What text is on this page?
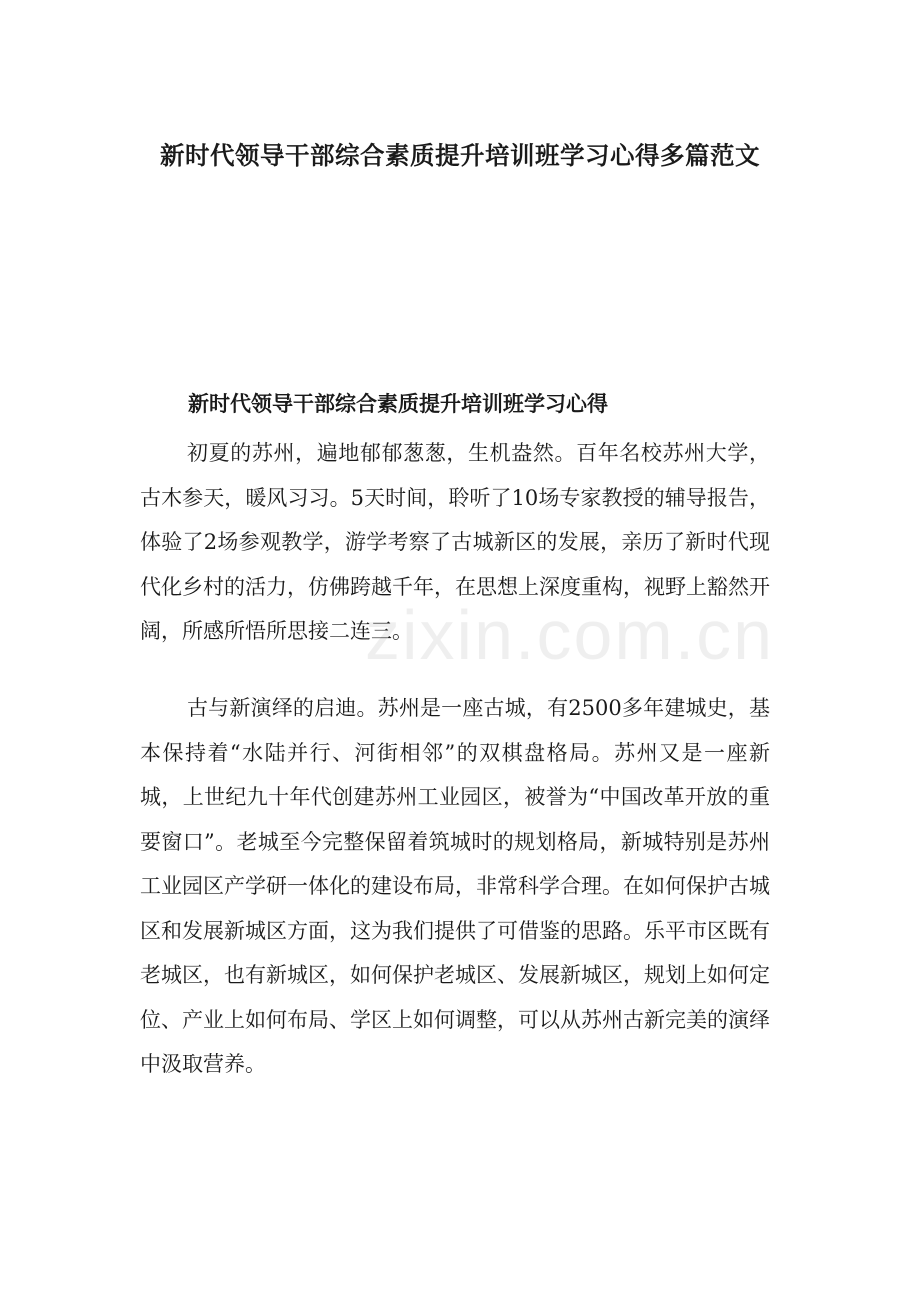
新时代领导干部综合素质提升培训班学习心得多篇范文
zixin.com.cn
新时代领导干部综合素质提升培训班学习心得

初夏的苏州，遍地郁郁葱葱，生机盎然。百年名校苏州大学，古木参天，暖风习习。5天时间，聆听了10场专家教授的辅导报告，体验了2场参观教学，游学考察了古城新区的发展，亲历了新时代现代化乡村的活力，仿佛跨越千年，在思想上深度重构，视野上豁然开阔，所感所悟所思接二连三。

古与新演绎的启迪。苏州是一座古城，有2500多年建城史，基本保持着“水陆并行、河街相邻”的双棋盘格局。苏州又是一座新城，上世纪九十年代创建苏州工业园区，被誉为“中国改革开放的重要窗口”。老城至今完整保留着筑城时的规划格局，新城特别是苏州工业园区产学研一体化的建设布局，非常科学合理。在如何保护古城区和发展新城区方面，这为我们提供了可借鉴的思路。乐平市区既有老城区，也有新城区，如何保护老城区、发展新城区，规划上如何定位、产业上如何布局、学区上如何调整，可以从苏州古新完美的演绎中汲取营养。
